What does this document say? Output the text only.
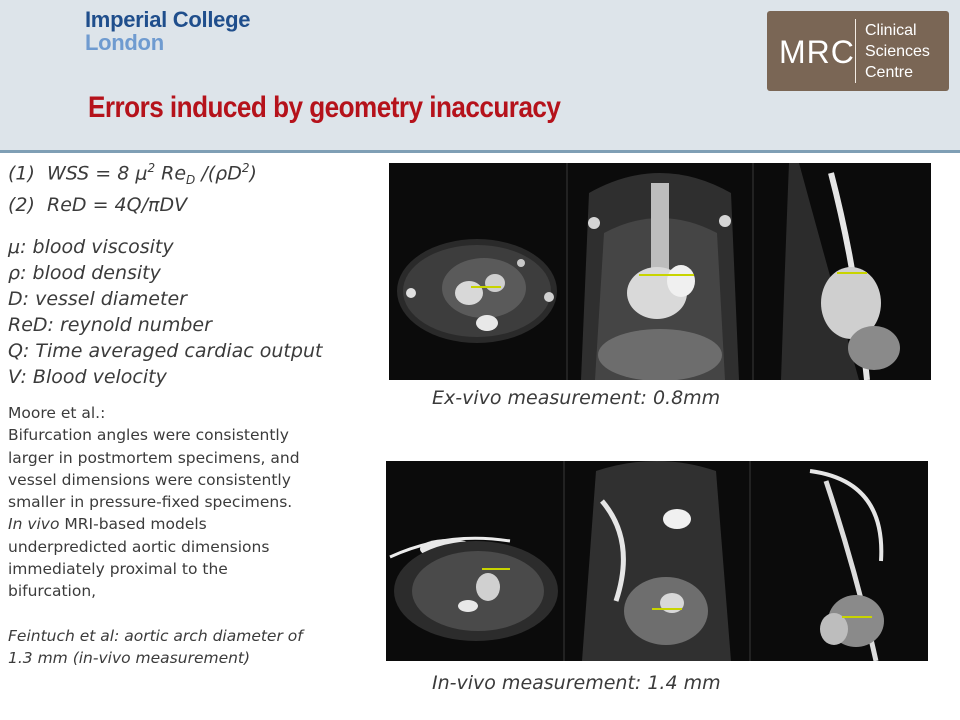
Imperial College
London	MRC
Clinical
Sciences
Centre
Errors induced by geometry inaccuracy
(1) WSS = 8 $\mu^2$ $Re_D$ $/(\rho D^2)$
(2) ReD = 4Q/πDV
μ: blood viscosity
ρ: blood density
D: vessel diameter
ReD: reynold number
Q: Time averaged cardiac output
V: Blood velocity
Moore et al.:
Bifurcation angles were consistently
larger in postmortem specimens, and
vessel dimensions were consistently
smaller in pressure-fixed specimens.
In vivo MRI-based models
underpredicted aortic dimensions
immediately proximal to the
bifurcation,
Feintuch et al: aortic arch diameter of
1.3 mm (in-vivo measurement)
Ex-vivo measurement: 0.8mm
In-vivo measurement: 1.4 mm
